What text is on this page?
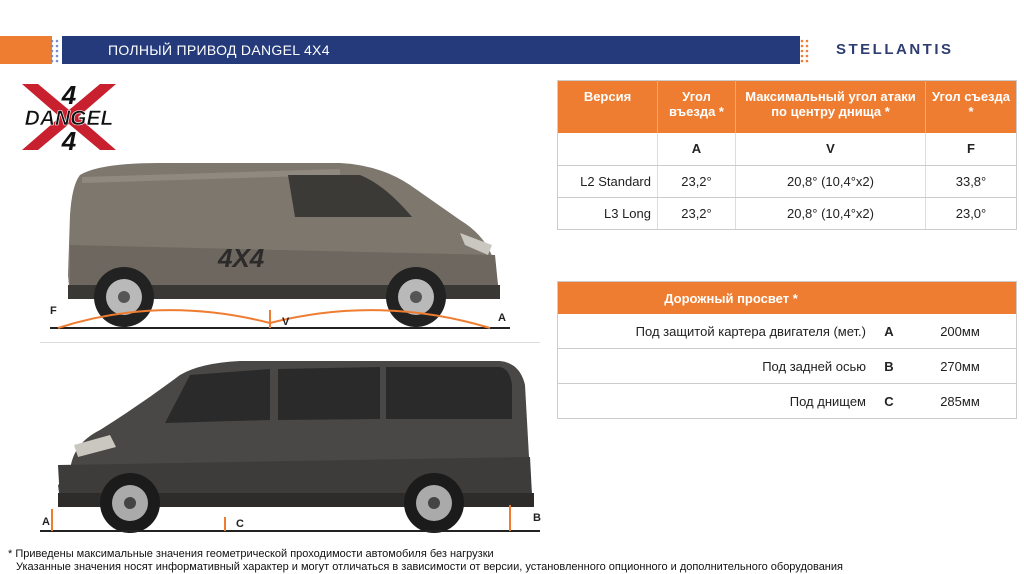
ПОЛНЫЙ ПРИВОД DANGEL 4X4	STELLANTIS
4
DANGEL
4
4X4
F
V	A
A	C	B
Версия	Угол въезда *	Максимальный угол атаки по центру днища *	Угол съезда *
	A	V	F
L2 Standard	23,2°	20,8° (10,4°x2)	33,8°
L3 Long	23,2°	20,8° (10,4°x2)	23,0°
Дорожный просвет *		
Под защитой картера двигателя (мет.)	A	200мм
Под задней осью	B	270мм
Под днищем	C	285мм
* Приведены максимальные значения геометрической проходимости автомобиля без нагрузки
Указанные значения носят информативный характер и могут отличаться в зависимости от версии, установленного опционного и дополнительного оборудования
